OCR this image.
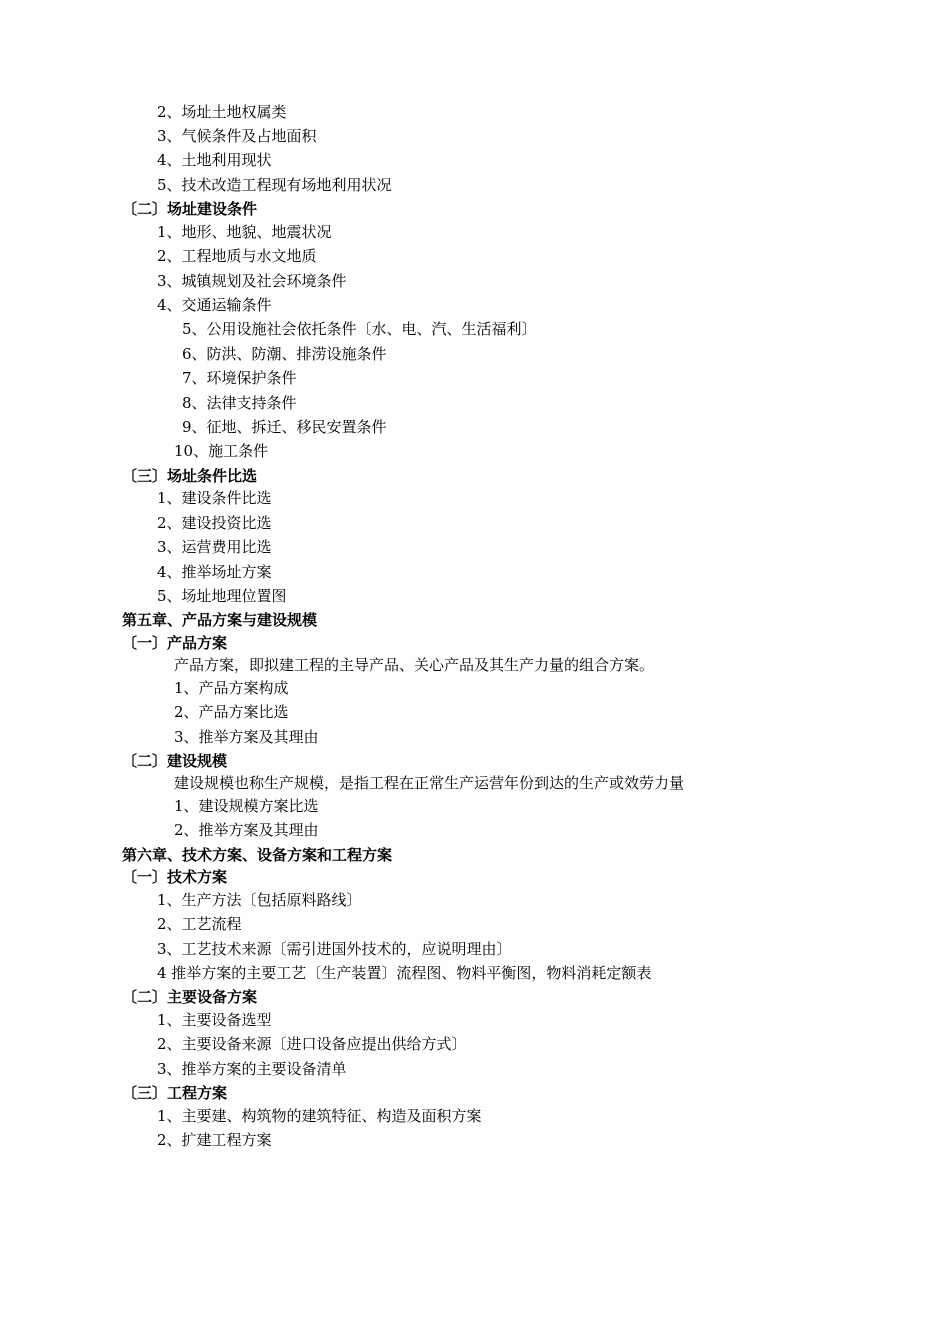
2、场址土地权属类
3、气候条件及占地面积
4、土地利用现状
5、技术改造工程现有场地利用状况
〔二〕场址建设条件
1、地形、地貌、地震状况
2、工程地质与水文地质
3、城镇规划及社会环境条件
4、交通运输条件
5、公用设施社会依托条件〔水、电、汽、生活福利〕
6、防洪、防潮、排涝设施条件
7、环境保护条件
8、法律支持条件
9、征地、拆迁、移民安置条件
10、施工条件
〔三〕场址条件比选
1、建设条件比选
2、建设投资比选
3、运营费用比选
4、推举场址方案
5、场址地理位置图
第五章、产品方案与建设规模
〔一〕产品方案
产品方案，即拟建工程的主导产品、关心产品及其生产力量的组合方案。
1、产品方案构成
2、产品方案比选
3、推举方案及其理由
〔二〕建设规模
建设规模也称生产规模，是指工程在正常生产运营年份到达的生产或效劳力量
1、建设规模方案比选
2、推举方案及其理由
第六章、技术方案、设备方案和工程方案
〔一〕技术方案
1、生产方法〔包括原料路线〕
2、工艺流程
3、工艺技术来源〔需引进国外技术的，应说明理由〕
4 推举方案的主要工艺〔生产装置〕流程图、物料平衡图，物料消耗定额表
〔二〕主要设备方案
1、主要设备选型
2、主要设备来源〔进口设备应提出供给方式〕
3、推举方案的主要设备清单
〔三〕工程方案
1、主要建、构筑物的建筑特征、构造及面积方案
2、扩建工程方案
